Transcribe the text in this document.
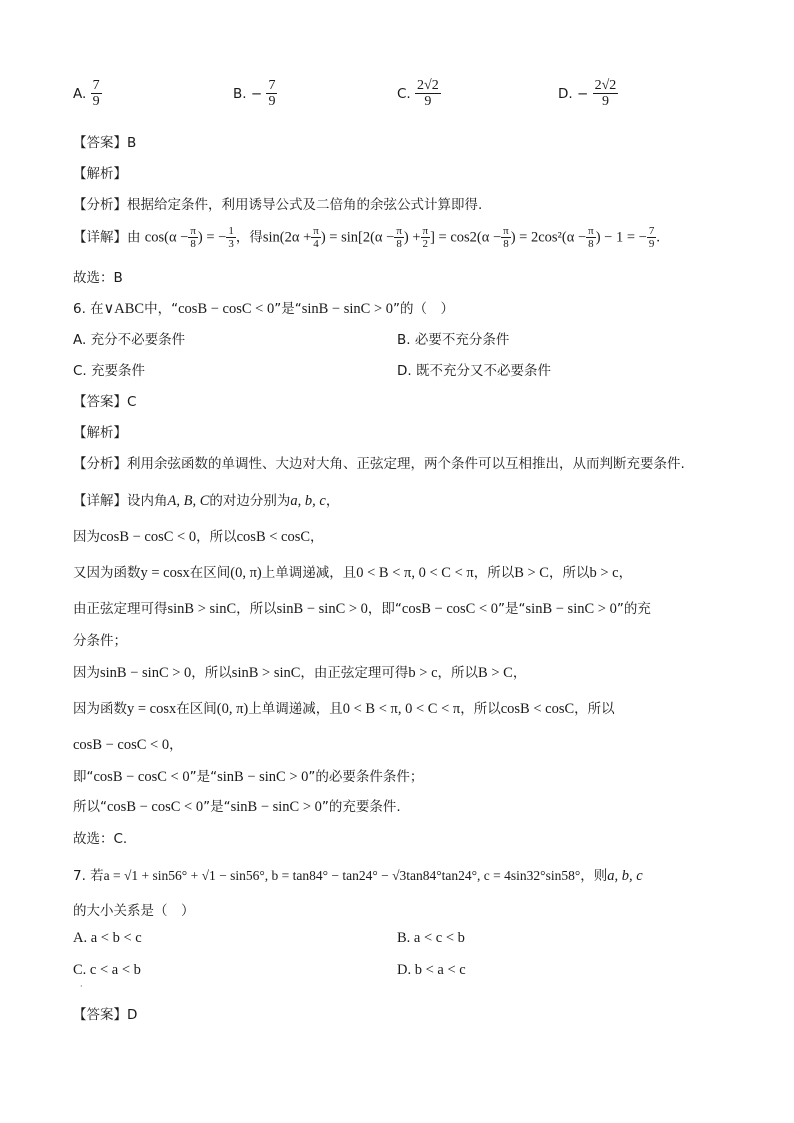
A. $\frac{7}{9}$	B. − $\frac{7}{9}$	C. $\frac{2√2}{9}$	D. − $\frac{2√2}{9}$
【答案】B
【解析】
【分析】根据给定条件，利用诱导公式及二倍角的余弦公式计算即得.
【详解】由 $\cos(\alpha - \frac{\pi}{8}$ ) = − $\frac{1}{3}$ ，得$\sin(2\alpha + \frac{\pi}{4}$ ) = $\sin[2(\alpha - \frac{\pi}{8}$ ) + $\frac{\pi}{2}$ ] = $\cos 2(\alpha - \frac{\pi}{8}$ ) = $2\cos^2(\alpha - \frac{\pi}{8}$ ) − 1 = − $\frac{7}{9}$ .
故选：B
6. 在∨ABC中，“cosB − cosC < 0”是“sinB − sinC > 0”的（　）
A. 充分不必要条件	B. 必要不充分条件
C. 充要条件	D. 既不充分又不必要条件
【答案】C
【解析】
【分析】利用余弦函数的单调性、大边对大角、正弦定理，两个条件可以互相推出，从而判断充要条件.
【详解】设内角A, B, C的对边分别为a, b, c，
因为cosB − cosC < 0，所以cosB < cosC，
又因为函数y = cosx在区间(0, π)上单调递减，且0 < B < π, 0 < C < π，所以B > C，所以b > c，
由正弦定理可得sinB > sinC，所以sinB − sinC > 0，即“cosB − cosC < 0”是“sinB − sinC > 0”的充
分条件；
因为sinB − sinC > 0，所以sinB > sinC，由正弦定理可得b > c，所以B > C，
因为函数y = cosx在区间(0, π)上单调递减，且0 < B < π, 0 < C < π，所以cosB < cosC，所以
cosB − cosC < 0，
即“cosB − cosC < 0”是“sinB − sinC > 0”的必要条件条件；
所以“cosB − cosC < 0”是“sinB − sinC > 0”的充要条件.
故选：C.
7. 若a = √1 + sin56° + √1 − sin56°, b = tan84° − tan24° − √3tan84°tan24°, c = 4sin32°sin58°，则a, b, c
的大小关系是（　）
A. a < b < c	B. a < c < b
C. c < a < b	D. b < a < c
·
【答案】D
